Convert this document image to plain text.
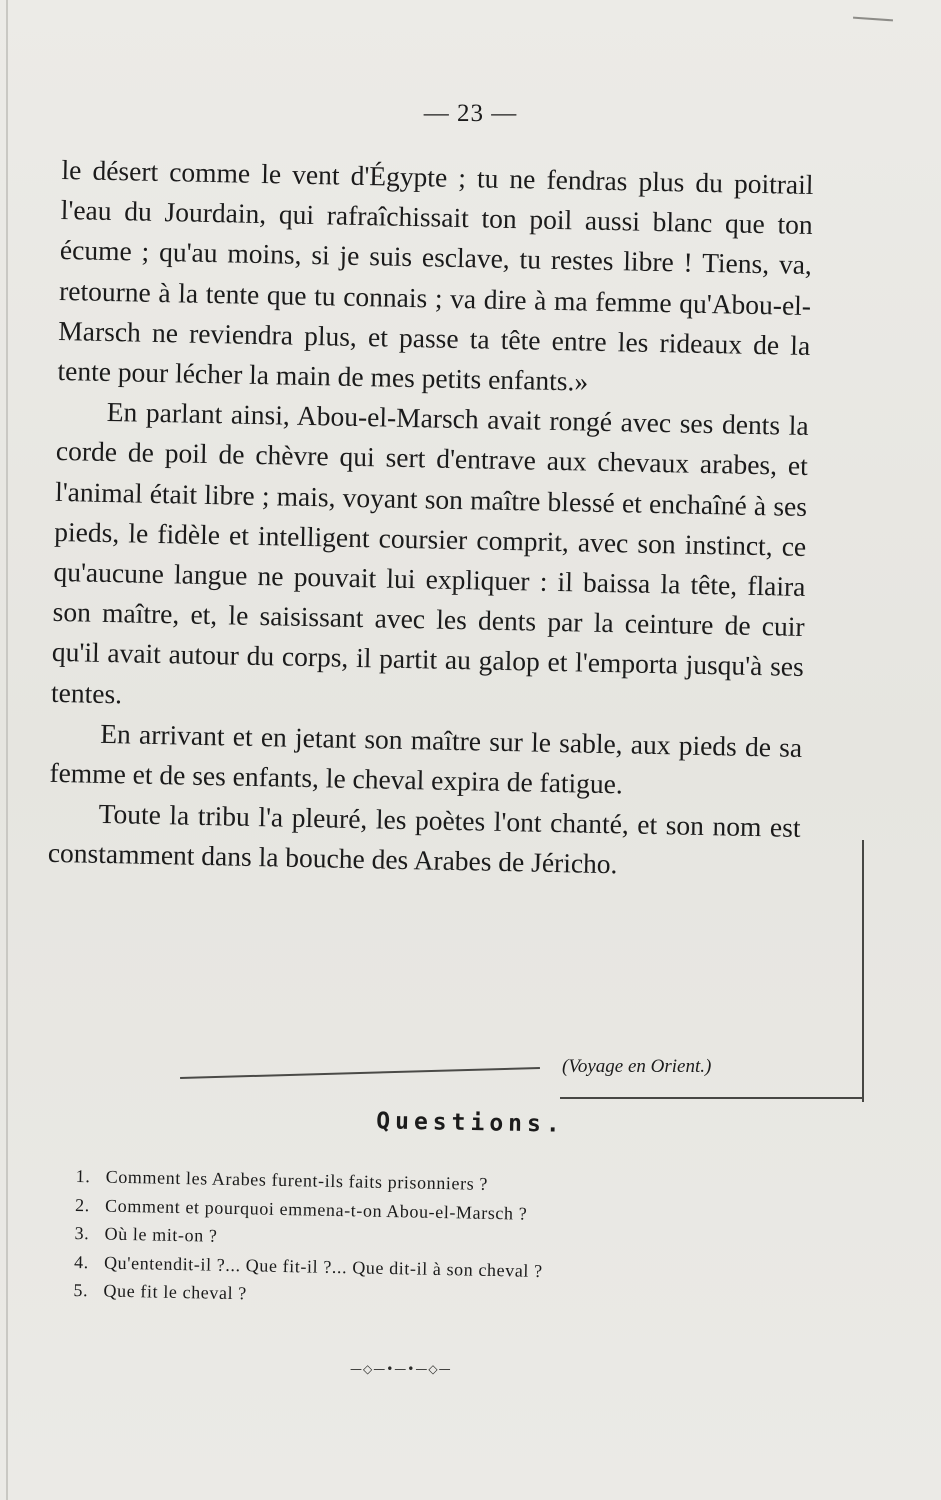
— 23 —

le désert comme le vent d'Égypte ; tu ne fendras plus du poitrail l'eau du Jourdain, qui rafraîchissait ton poil aussi blanc que ton écume ; qu'au moins, si je suis esclave, tu restes libre ! Tiens, va, retourne à la tente que tu connais ; va dire à ma femme qu'Abou-el-Marsch ne reviendra plus, et passe ta tête entre les rideaux de la tente pour lécher la main de mes petits enfants.»

En parlant ainsi, Abou-el-Marsch avait rongé avec ses dents la corde de poil de chèvre qui sert d'entrave aux chevaux arabes, et l'animal était libre ; mais, voyant son maître blessé et enchaîné à ses pieds, le fidèle et intelligent coursier comprit, avec son instinct, ce qu'aucune langue ne pouvait lui expliquer : il baissa la tête, flaira son maître, et, le saisissant avec les dents par la ceinture de cuir qu'il avait autour du corps, il partit au galop et l'emporta jusqu'à ses tentes.

En arrivant et en jetant son maître sur le sable, aux pieds de sa femme et de ses enfants, le cheval expira de fatigue.

Toute la tribu l'a pleuré, les poètes l'ont chanté, et son nom est constamment dans la bouche des Arabes de Jéricho.

(Voyage en Orient.)
Questions.
1. Comment les Arabes furent-ils faits prisonniers ?
2. Comment et pourquoi emmena-t-on Abou-el-Marsch ?
3. Où le mit-on ?
4. Qu'entendit-il ?... Que fit-il ?... Que dit-il à son cheval ?
5. Que fit le cheval ?
—◇—•—•—◇—
